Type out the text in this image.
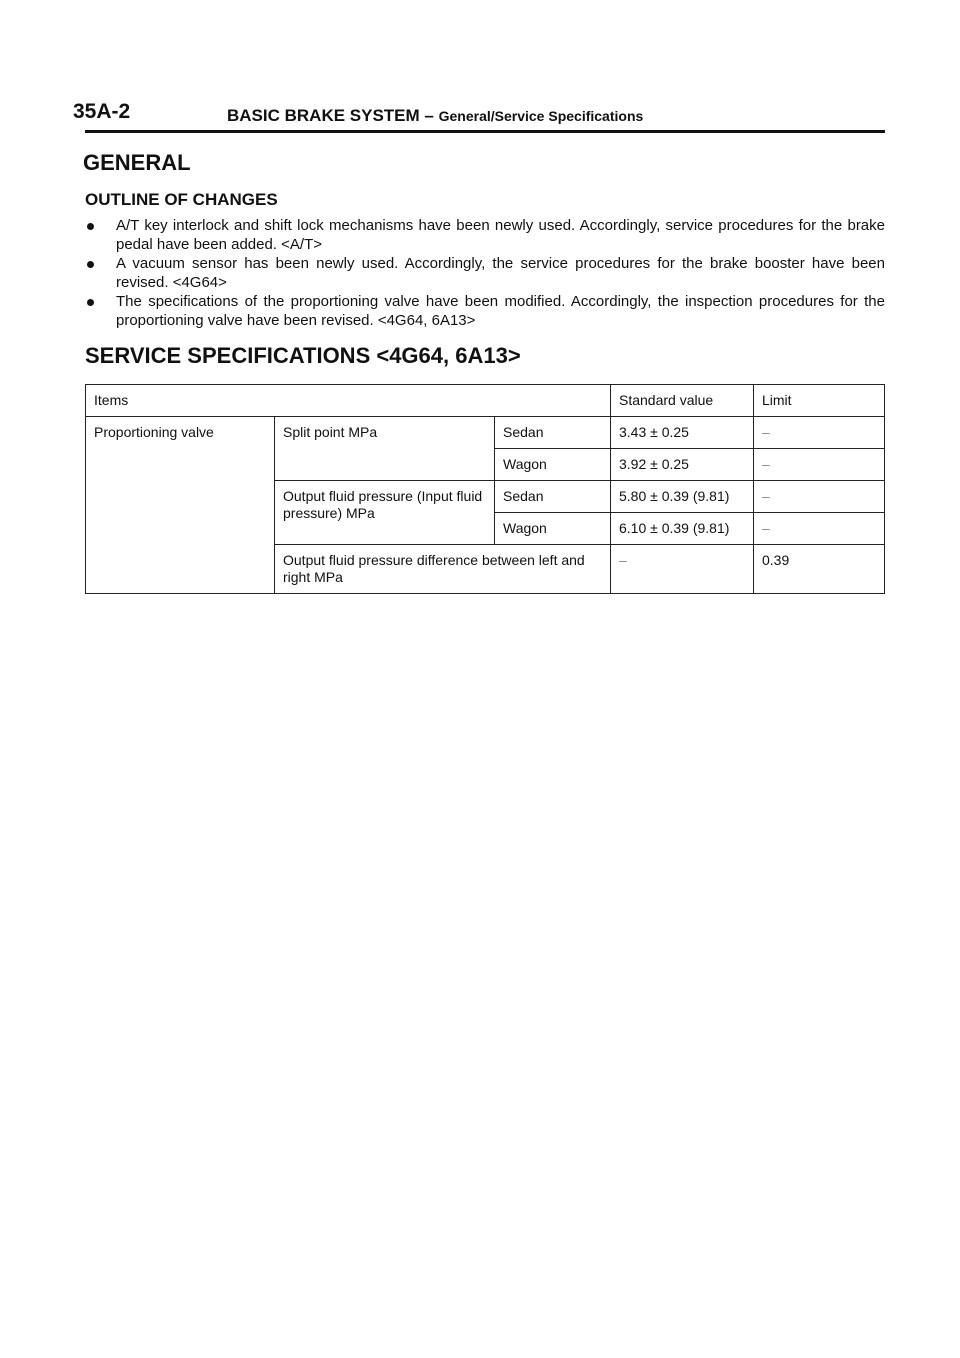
35A-2	BASIC BRAKE SYSTEM – General/Service Specifications
GENERAL
OUTLINE OF CHANGES
A/T key interlock and shift lock mechanisms have been newly used. Accordingly, service procedures for the brake pedal have been added. <A/T>
A vacuum sensor has been newly used. Accordingly, the service procedures for the brake booster have been revised. <4G64>
The specifications of the proportioning valve have been modified. Accordingly, the inspection procedures for the proportioning valve have been revised. <4G64, 6A13>
SERVICE SPECIFICATIONS <4G64, 6A13>
Items			Standard value	Limit
Proportioning valve	Split point MPa	Sedan	3.43 ± 0.25	–
		Wagon	3.92 ± 0.25	–
	Output fluid pressure (Input fluid pressure) MPa	Sedan	5.80 ± 0.39 (9.81)	–
		Wagon	6.10 ± 0.39 (9.81)	–
	Output fluid pressure difference between left and right MPa		–	0.39
